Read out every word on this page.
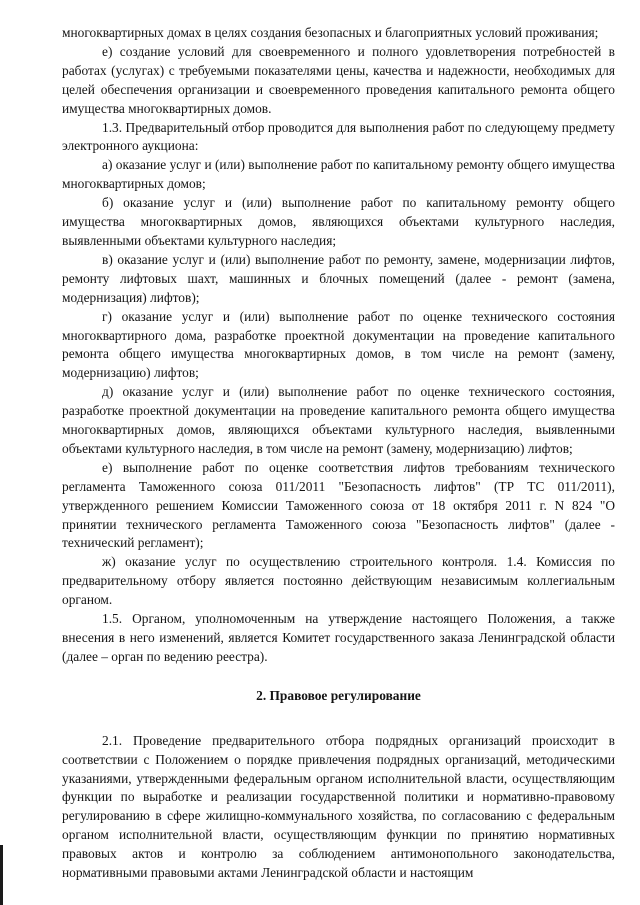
многоквартирных домах в целях создания безопасных и благоприятных условий проживания;

е) создание условий для своевременного и полного удовлетворения потребностей в работах (услугах) с требуемыми показателями цены, качества и надежности, необходимых для целей обеспечения организации и своевременного проведения капитального ремонта общего имущества многоквартирных домов.

1.3. Предварительный отбор проводится для выполнения работ по следующему предмету электронного аукциона:

а) оказание услуг и (или) выполнение работ по капитальному ремонту общего имущества многоквартирных домов;

б) оказание услуг и (или) выполнение работ по капитальному ремонту общего имущества многоквартирных домов, являющихся объектами культурного наследия, выявленными объектами культурного наследия;

в) оказание услуг и (или) выполнение работ по ремонту, замене, модернизации лифтов, ремонту лифтовых шахт, машинных и блочных помещений (далее - ремонт (замена, модернизация) лифтов);

г) оказание услуг и (или) выполнение работ по оценке технического состояния многоквартирного дома, разработке проектной документации на проведение капитального ремонта общего имущества многоквартирных домов, в том числе на ремонт (замену, модернизацию) лифтов;

д) оказание услуг и (или) выполнение работ по оценке технического состояния, разработке проектной документации на проведение капитального ремонта общего имущества многоквартирных домов, являющихся объектами культурного наследия, выявленными объектами культурного наследия, в том числе на ремонт (замену, модернизацию) лифтов;

е) выполнение работ по оценке соответствия лифтов требованиям технического регламента Таможенного союза 011/2011 "Безопасность лифтов" (ТР ТС 011/2011), утвержденного решением Комиссии Таможенного союза от 18 октября 2011 г. N 824 "О принятии технического регламента Таможенного союза "Безопасность лифтов" (далее - технический регламент);

ж) оказание услуг по осуществлению строительного контроля. 1.4. Комиссия по предварительному отбору является постоянно действующим независимым коллегиальным органом.

1.5. Органом, уполномоченным на утверждение настоящего Положения, а также внесения в него изменений, является Комитет государственного заказа Ленинградской области (далее – орган по ведению реестра).

2. Правовое регулирование

2.1. Проведение предварительного отбора подрядных организаций происходит в соответствии с Положением о порядке привлечения подрядных организаций, методическими указаниями, утвержденными федеральным органом исполнительной власти, осуществляющим функции по выработке и реализации государственной политики и нормативно-правовому регулированию в сфере жилищно-коммунального хозяйства, по согласованию с федеральным органом исполнительной власти, осуществляющим функции по принятию нормативных правовых актов и контролю за соблюдением антимонопольного законодательства, нормативными правовыми актами Ленинградской области и настоящим
